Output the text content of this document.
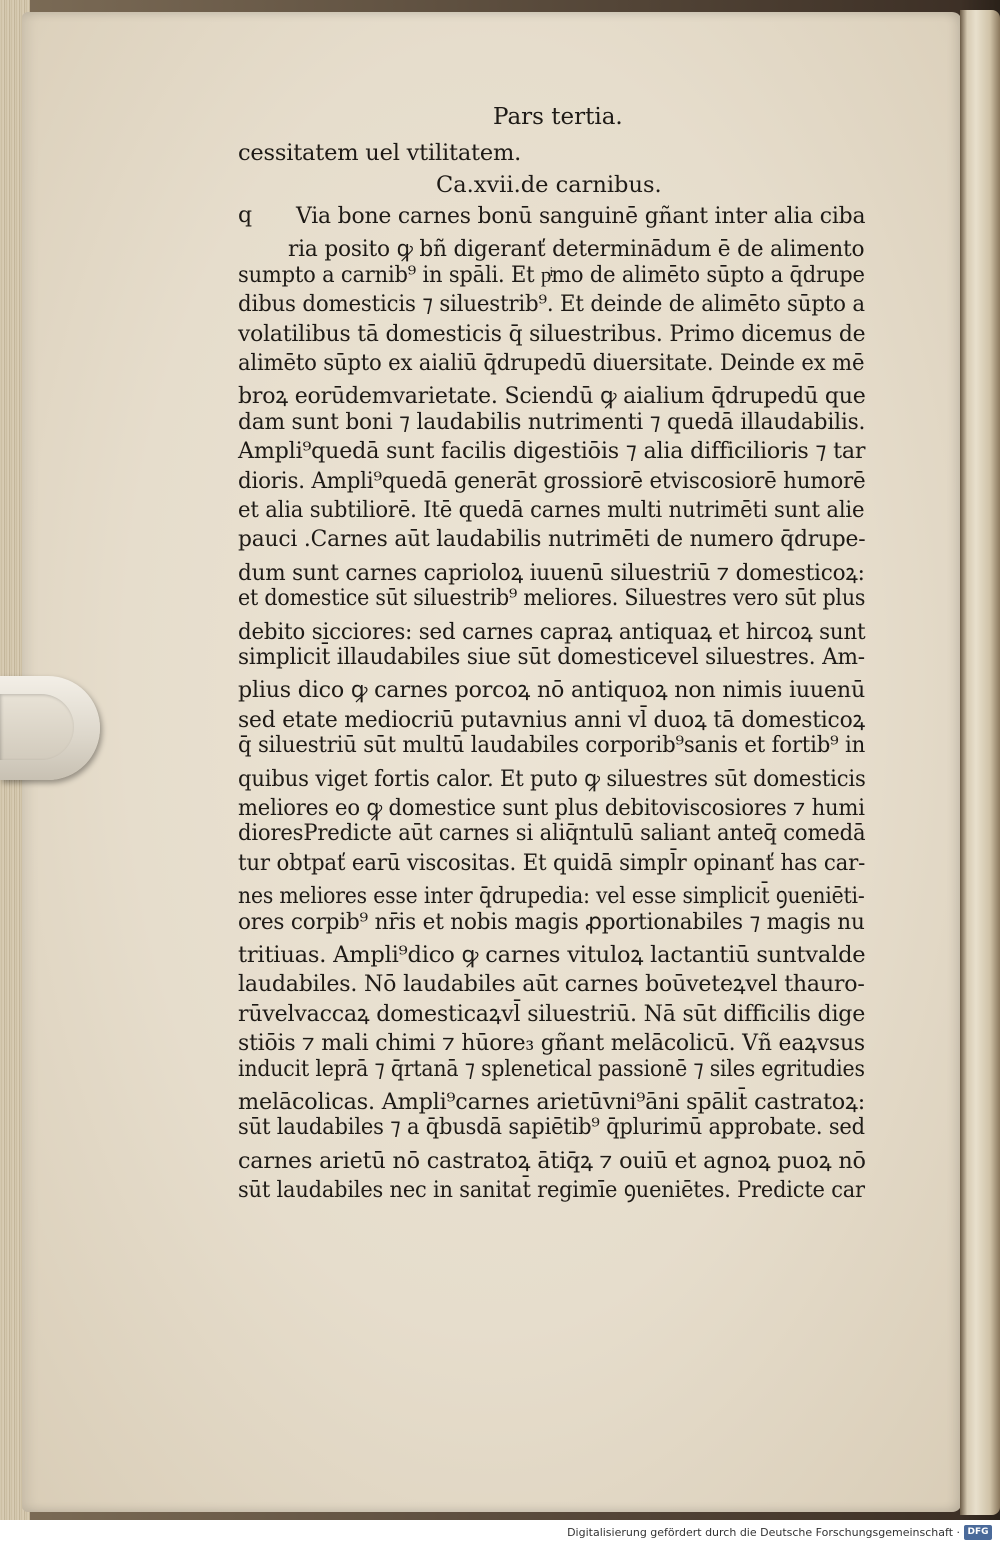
Pars tertia.
cessitatem uel vtilitatem.
Ca.xvii.de carnibus.
q Via bone carnes bonū sanguinē gñant inter alia ciba
ria posito ꝙ bñ digeranť determinādum ē de alimento
sumpto a carnib⁹ in spāli. Et pͥmo de alimēto sūpto a q̄drupe
dibus domesticis ⁊ siluestrib⁹. Et deinde de alimēto sūpto a
volatilibus tā domesticis q̄ siluestribus. Primo dicemus de
alimēto sūpto ex aialiū q̄drupedū diuersitate. Deinde ex mē
broꝝ eorūdemvarietate. Sciendū ꝙ aialium q̄drupedū que
dam sunt boni ⁊ laudabilis nutrimenti ⁊ quedā illaudabilis.
Ampli⁹quedā sunt facilis digestiōis ⁊ alia difficilioris ⁊ tar
dioris. Ampli⁹quedā generāt grossiorē etviscosiorē humorē
et alia subtiliorē. Itē quedā carnes multi nutrimēti sunt alie
pauci .Carnes aūt laudabilis nutrimēti de numero q̄drupe-
dum sunt carnes caprioloꝝ iuuenū siluestriū ⁊ domesticoꝝ:
et domestice sūt siluestrib⁹ meliores. Siluestres vero sūt plus
debito sicciores: sed carnes capraꝝ antiquaꝝ et hircoꝝ sunt
simplicit̄ illaudabiles siue sūt domesticevel siluestres. Am-
plius dico ꝙ carnes porcoꝝ nō antiquoꝝ non nimis iuuenū
sed etate mediocriū putavnius anni vl̄ duoꝝ tā domesticoꝝ
q̄ siluestriū sūt multū laudabiles corporib⁹sanis et fortib⁹ in
quibus viget fortis calor. Et puto ꝙ siluestres sūt domesticis
meliores eo ꝙ domestice sunt plus debitoviscosiores ⁊ humi
dioresPredicte aūt carnes si aliq̄ntulū saliant anteq̄ comedā
tur obtpať earū viscositas. Et quidā simpl̄r opinanť has car-
nes meliores esse inter q̄drupedia: vel esse simplicit̄ ꝯueniēti-
ores corpib⁹ nr̄is et nobis magis ꝓportionabiles ⁊ magis nu
tritiuas. Ampli⁹dico ꝙ carnes vituloꝝ lactantiū suntvalde
laudabiles. Nō laudabiles aūt carnes boūveteꝝvel thauro-
rūvelvaccaꝝ domesticaꝝvl̄ siluestriū. Nā sūt difficilis dige
stiōis ⁊ mali chimi ⁊ hūore₃ gñant melācolicū. Vñ eaꝝvsus
inducit leprā ⁊ q̄rtanā ⁊ splenetical passionē ⁊ siles egritudies
melācolicas. Ampli⁹carnes arietūvni⁹āni spālit̄ castratoꝝ:
sūt laudabiles ⁊ a q̄busdā sapiētib⁹ q̄plurimū approbate. sed
carnes arietū nō castratoꝝ ātiq̄ꝝ ⁊ ouiū et agnoꝝ puoꝝ nō
sūt laudabiles nec in sanitat̄ regimīe ꝯueniētes. Predicte car
Digitalisierung gefördert durch die Deutsche Forschungsgemeinschaft · DFG
